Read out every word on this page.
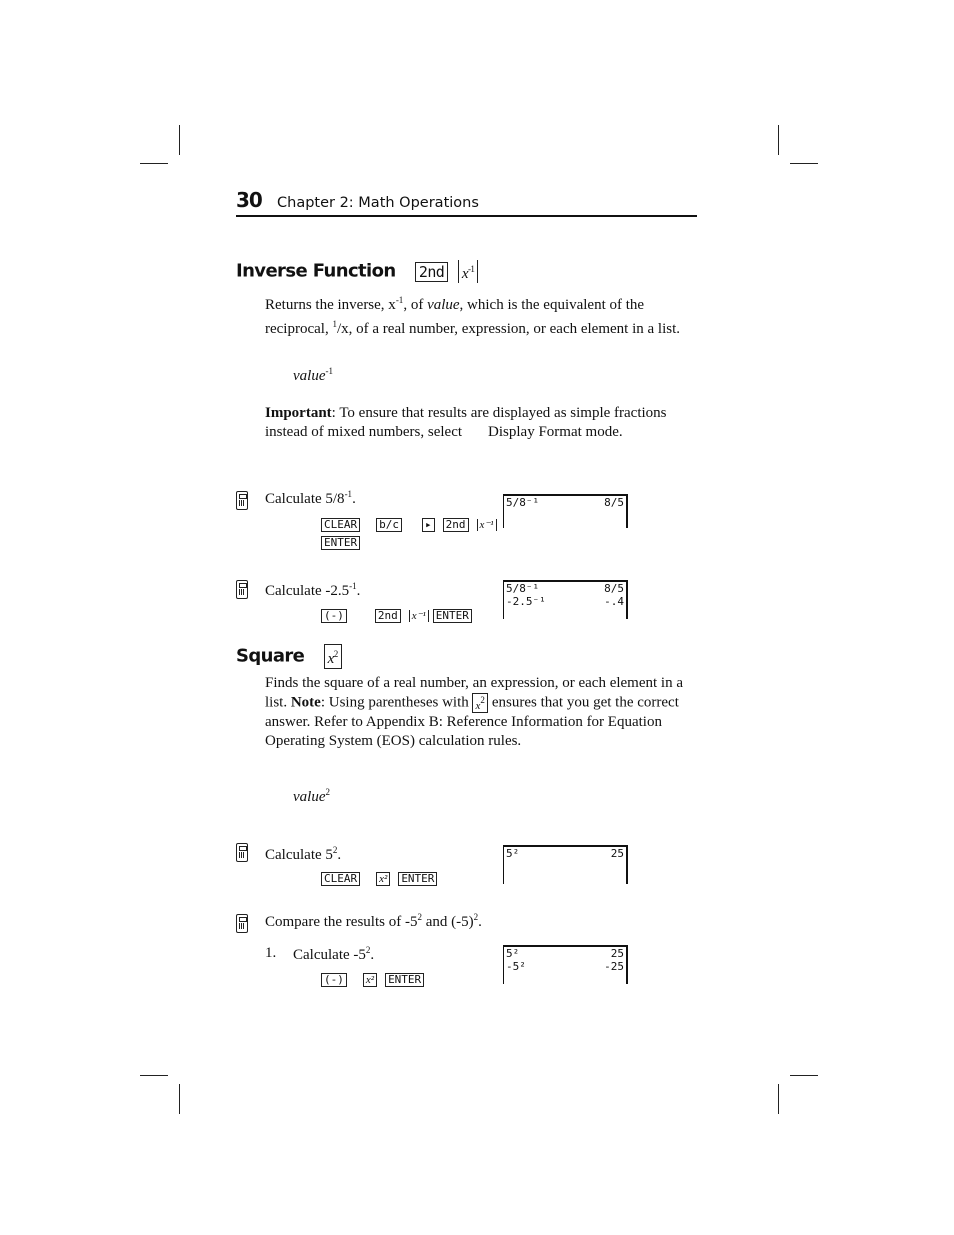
30 Chapter 2: Math Operations
Inverse Function 2nd $x^{-1}$
Returns the inverse, $x^{-1}$, of value, which is the equivalent of the reciprocal, $^1$/x, of a real number, expression, or each element in a list.
value$^{-1}$
Important: To ensure that results are displayed as simple fractions instead of mixed numbers, select Display Format mode.
Calculate $5/8^{-1}$.
CLEAR b/c ▸ 2nd x⁻¹
ENTER
5/8⁻¹	8/5
Calculate $-2.5^{-1}$.
(-)	2nd x⁻¹ ENTER
5/8⁻¹	8/5
-2.5⁻¹	-.4
Square $x^2$
Finds the square of a real number, an expression, or each element in a list. Note: Using parentheses with $x^2$ ensures that you get the correct answer. Refer to Appendix B: Reference Information for Equation Operating System (EOS) calculation rules.
value$^2$
Calculate $5^2$.
CLEAR x² ENTER
5²	25
Compare the results of $-5^2$ and $(-5)^2$.
1. Calculate $-5^2$.
(-) x² ENTER
5²	25
-5²	-25
